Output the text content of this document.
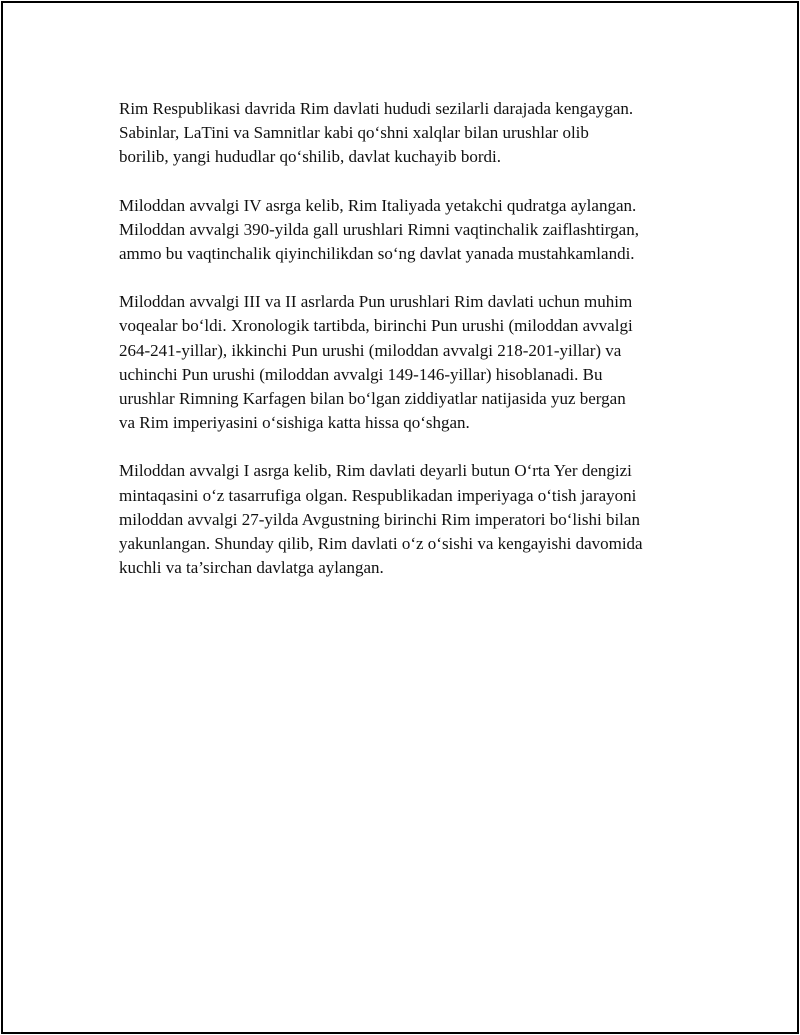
Rim Respublikasi davrida Rim davlati hududi sezilarli darajada kengaygan.
Sabinlar, LaTini va Samnitlar kabi qo‘shni xalqlar bilan urushlar olib
borilib, yangi hududlar qo‘shilib, davlat kuchayib bordi.

Miloddan avvalgi IV asrga kelib, Rim Italiyada yetakchi qudratga aylangan.
Miloddan avvalgi 390-yilda gall urushlari Rimni vaqtinchalik zaiflashtirgan,
ammo bu vaqtinchalik qiyinchilikdan so‘ng davlat yanada mustahkamlandi.

Miloddan avvalgi III va II asrlarda Pun urushlari Rim davlati uchun muhim
voqealar bo‘ldi. Xronologik tartibda, birinchi Pun urushi (miloddan avvalgi
264-241-yillar), ikkinchi Pun urushi (miloddan avvalgi 218-201-yillar) va
uchinchi Pun urushi (miloddan avvalgi 149-146-yillar) hisoblanadi. Bu
urushlar Rimning Karfagen bilan bo‘lgan ziddiyatlar natijasida yuz bergan
va Rim imperiyasini o‘sishiga katta hissa qo‘shgan.

Miloddan avvalgi I asrga kelib, Rim davlati deyarli butun O‘rta Yer dengizi
mintaqasini o‘z tasarrufiga olgan. Respublikadan imperiyaga o‘tish jarayoni
miloddan avvalgi 27-yilda Avgustning birinchi Rim imperatori bo‘lishi bilan
yakunlangan. Shunday qilib, Rim davlati o‘z o‘sishi va kengayishi davomida
kuchli va ta’sirchan davlatga aylangan.
